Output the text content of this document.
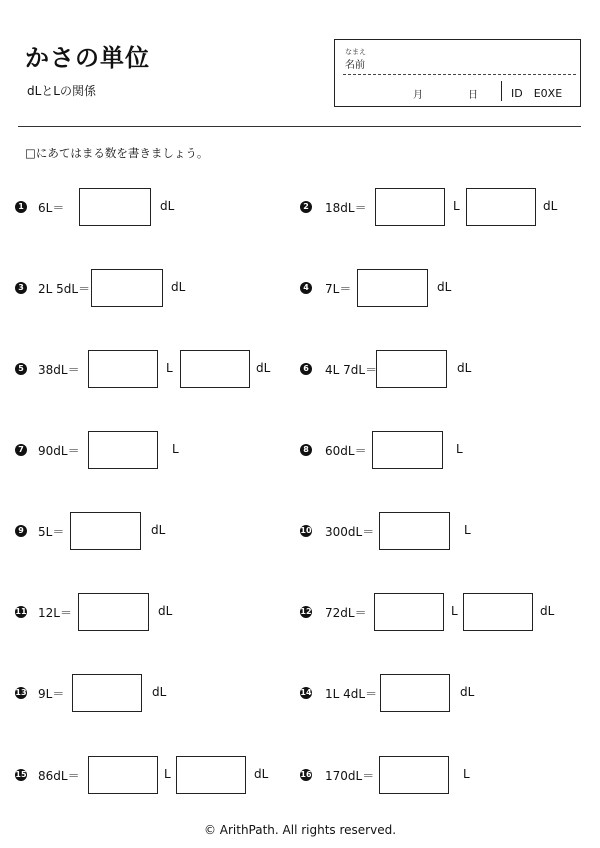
かさの単位
dLとLの関係
なまえ
名前
月	日	ID　E0XE
□にあてはまる数を書きましょう。
1 6L＝	dL	2 18dL＝	L	dL
3 2L 5dL＝	dL	4 7L＝	dL
5 38dL＝	L	dL	6 4L 7dL＝	dL
7 90dL＝	L	8 60dL＝	L
9 5L＝	dL	10 300dL＝	L
11 12L＝	dL	12 72dL＝	L	dL
13 9L＝	dL	14 1L 4dL＝	dL
15 86dL＝	L	dL	16 170dL＝	L
© ArithPath. All rights reserved.
